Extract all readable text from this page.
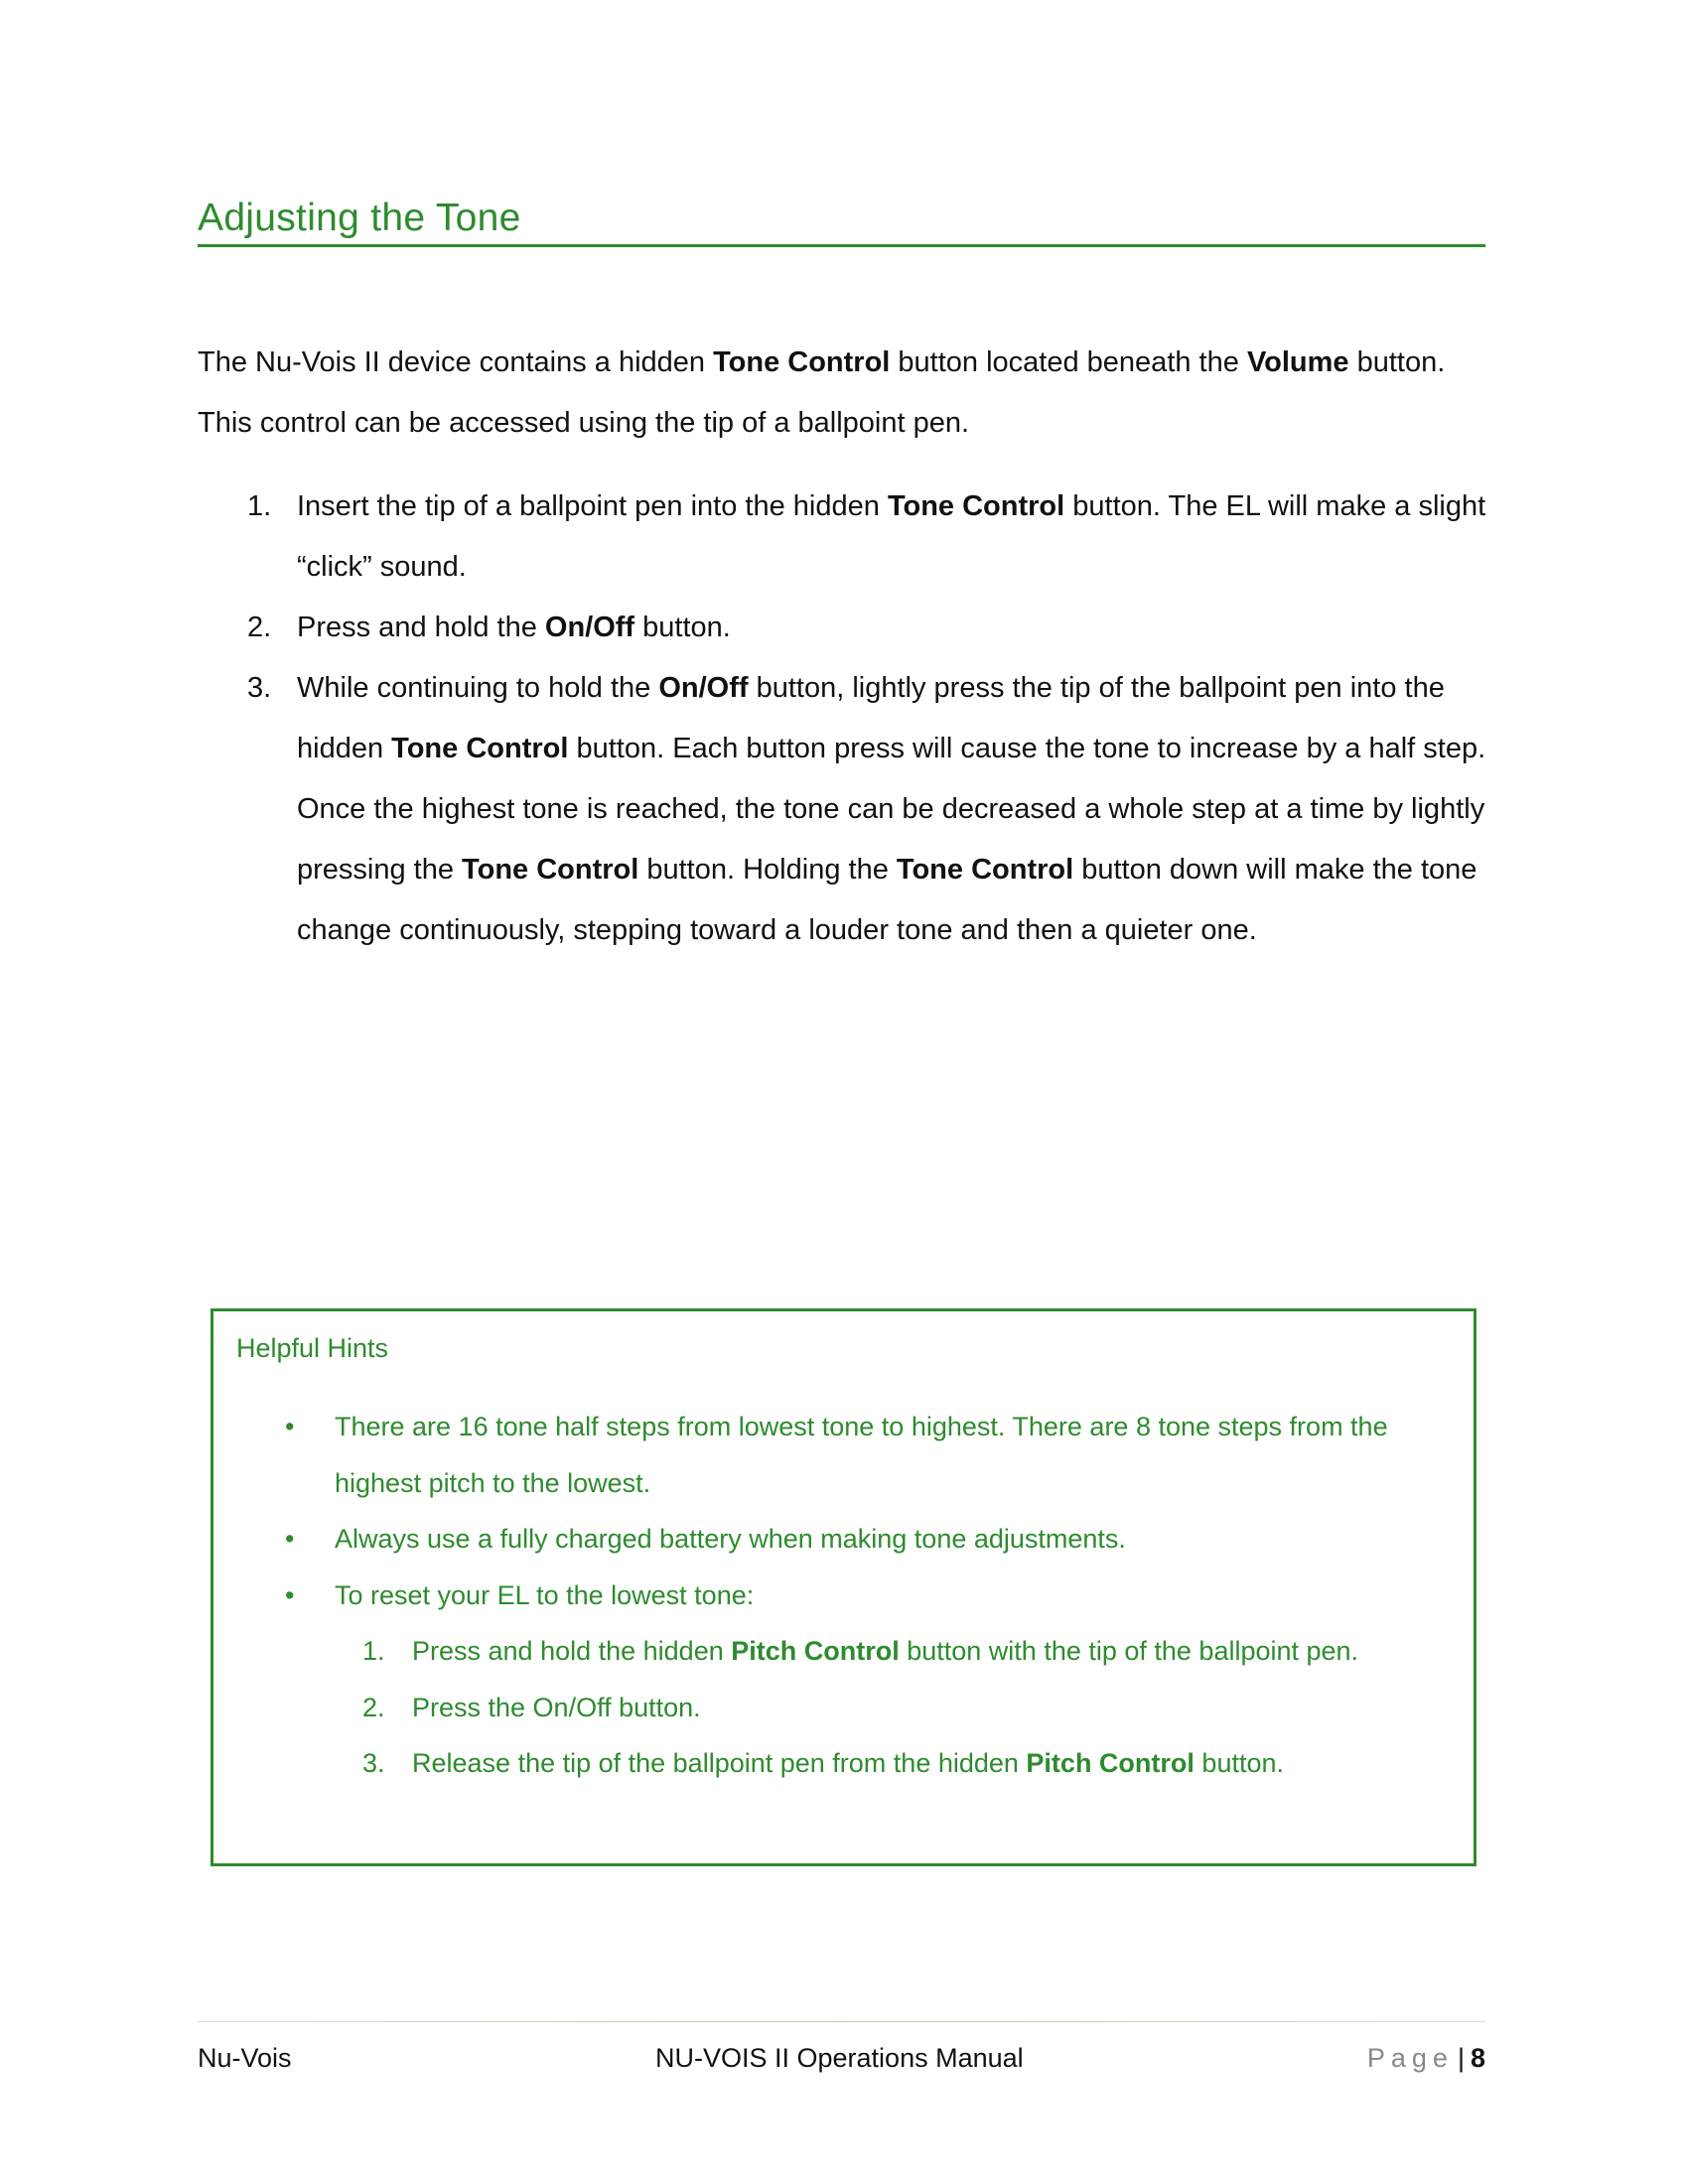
Adjusting the Tone

The Nu-Vois II device contains a hidden Tone Control button located beneath the Volume button. This control can be accessed using the tip of a ballpoint pen.

1. Insert the tip of a ballpoint pen into the hidden Tone Control button. The EL will make a slight “click” sound.
2. Press and hold the On/Off button.
3. While continuing to hold the On/Off button, lightly press the tip of the ballpoint pen into the hidden Tone Control button. Each button press will cause the tone to increase by a half step. Once the highest tone is reached, the tone can be decreased a whole step at a time by lightly pressing the Tone Control button. Holding the Tone Control button down will make the tone change continuously, stepping toward a louder tone and then a quieter one.

Helpful Hints

• There are 16 tone half steps from lowest tone to highest. There are 8 tone steps from the highest pitch to the lowest.
• Always use a fully charged battery when making tone adjustments.
• To reset your EL to the lowest tone:
1. Press and hold the hidden Pitch Control button with the tip of the ballpoint pen.
2. Press the On/Off button.
3. Release the tip of the ballpoint pen from the hidden Pitch Control button.
Nu-Vois	NU-VOIS II Operations Manual	Page | 8
